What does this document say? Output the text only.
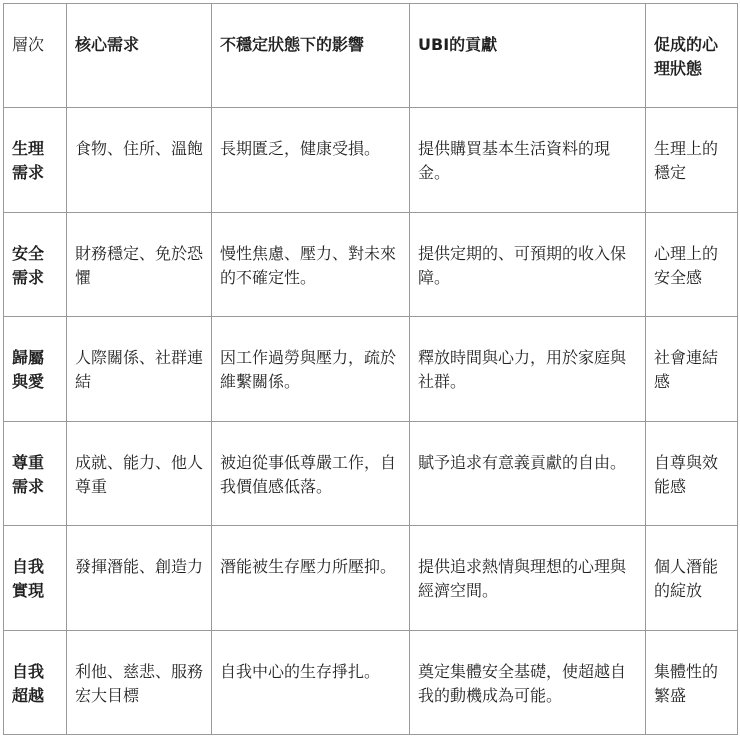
層次	核心需求	不穩定狀態下的影響	UBI的貢獻	促成的心理狀態
生理需求	食物、住所、溫飽	長期匱乏，健康受損。	提供購買基本生活資料的現金。	生理上的穩定
安全需求	財務穩定、免於恐懼	慢性焦慮、壓力、對未來的不確定性。	提供定期的、可預期的收入保障。	心理上的安全感
歸屬與愛	人際關係、社群連結	因工作過勞與壓力，疏於維繫關係。	釋放時間與心力，用於家庭與社群。	社會連結感
尊重需求	成就、能力、他人尊重	被迫從事低尊嚴工作，自我價值感低落。	賦予追求有意義貢獻的自由。	自尊與效能感
自我實現	發揮潛能、創造力	潛能被生存壓力所壓抑。	提供追求熱情與理想的心理與經濟空間。	個人潛能的綻放
自我超越	利他、慈悲、服務宏大目標	自我中心的生存掙扎。	奠定集體安全基礎，使超越自我的動機成為可能。	集體性的繁盛
